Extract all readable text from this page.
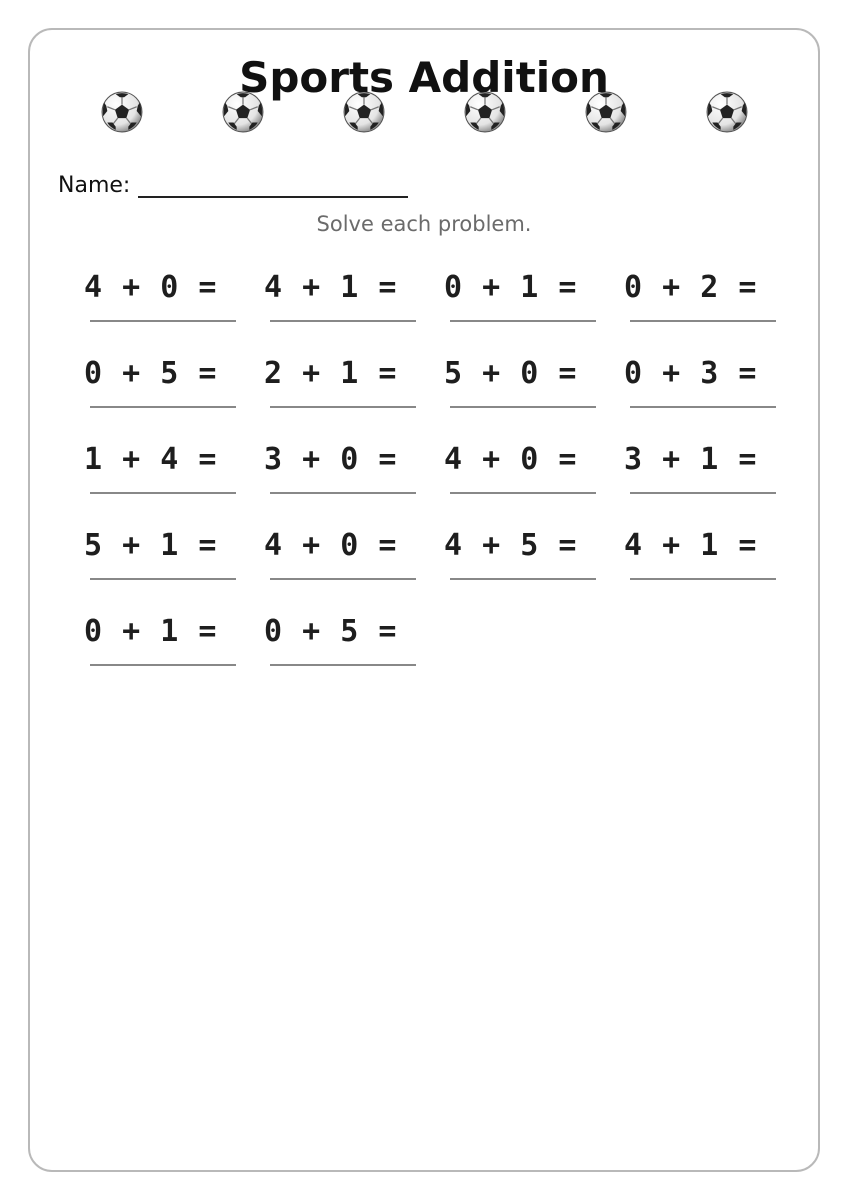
Sports Addition
Name:
Solve each problem.
4 + 0 = 4 + 1 = 0 + 1 = 0 + 2 =
0 + 5 = 2 + 1 = 5 + 0 = 0 + 3 =
1 + 4 = 3 + 0 = 4 + 0 = 3 + 1 =
5 + 1 = 4 + 0 = 4 + 5 = 4 + 1 =
0 + 1 = 0 + 5 =
